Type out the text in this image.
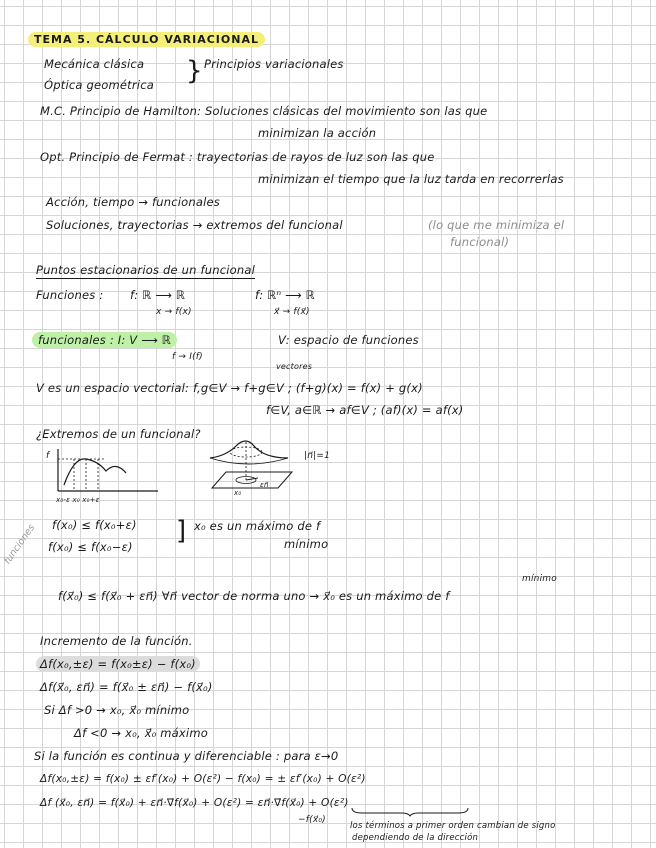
TEMA 5. CÁLCULO VARIACIONAL
Mecánica clásica
Óptica geométrica } Principios variacionales
M.C. Principio de Hamilton: Soluciones clásicas del movimiento son las que
minimizan la acción
Opt. Principio de Fermat : trayectorias de rayos de luz son las que
minimizan el tiempo que la luz tarda en recorrerlas
Acción, tiempo → funcionales
Soluciones, trayectorias → extremos del funcional	(lo que me minimiza el
funcional)
Puntos estacionarios de un funcional
Funciones : f: ℝ ⟶ ℝ
x → f(x)
f: ℝⁿ ⟶ ℝ
x⃗ → f(x⃗)
funcionales : I: V ⟶ ℝ
f → I(f)
V: espacio de funciones
vectores
V es un espacio vectorial: f,g∈V → f+g∈V ; (f+g)(x) = f(x) + g(x)
f∈V, a∈ℝ → af∈V ; (af)(x) = af(x)
¿Extremos de un funcional?
f
x₀-ε x₀ x₀+ε
x₀
εn⃗
|n⃗|=1
f(x₀) ≤ f(x₀+ε)
f(x₀) ≤ f(x₀−ε)
] x₀ es un máximo de f
mínimo
funciones
mínimo
f(x⃗₀) ≤ f(x⃗₀ + εn⃗) ∀n⃗ vector de norma uno → x⃗₀ es un máximo de f
Incremento de la función.
Δf(x₀,±ε) = f(x₀±ε) − f(x₀)
Δf(x⃗₀, εn⃗) = f(x⃗₀ ± εn⃗) − f(x⃗₀)
Si Δf >0 → x₀, x⃗₀ mínimo
Δf <0 → x₀, x⃗₀ máximo
Si la función es continua y diferenciable : para ε→0
Δf(x₀,±ε) = f(x₀) ± εf′(x₀) + O(ε²) − f(x₀) = ± εf′(x₀) + O(ε²)
Δf (x⃗₀, εn⃗) = f(x⃗₀) + εn⃗·∇⃗f(x⃗₀) + O(ε²) = εn⃗·∇⃗f(x⃗₀) + O(ε²)
−f(x⃗₀)
los términos a primer orden cambian de signo
dependiendo de la dirección
